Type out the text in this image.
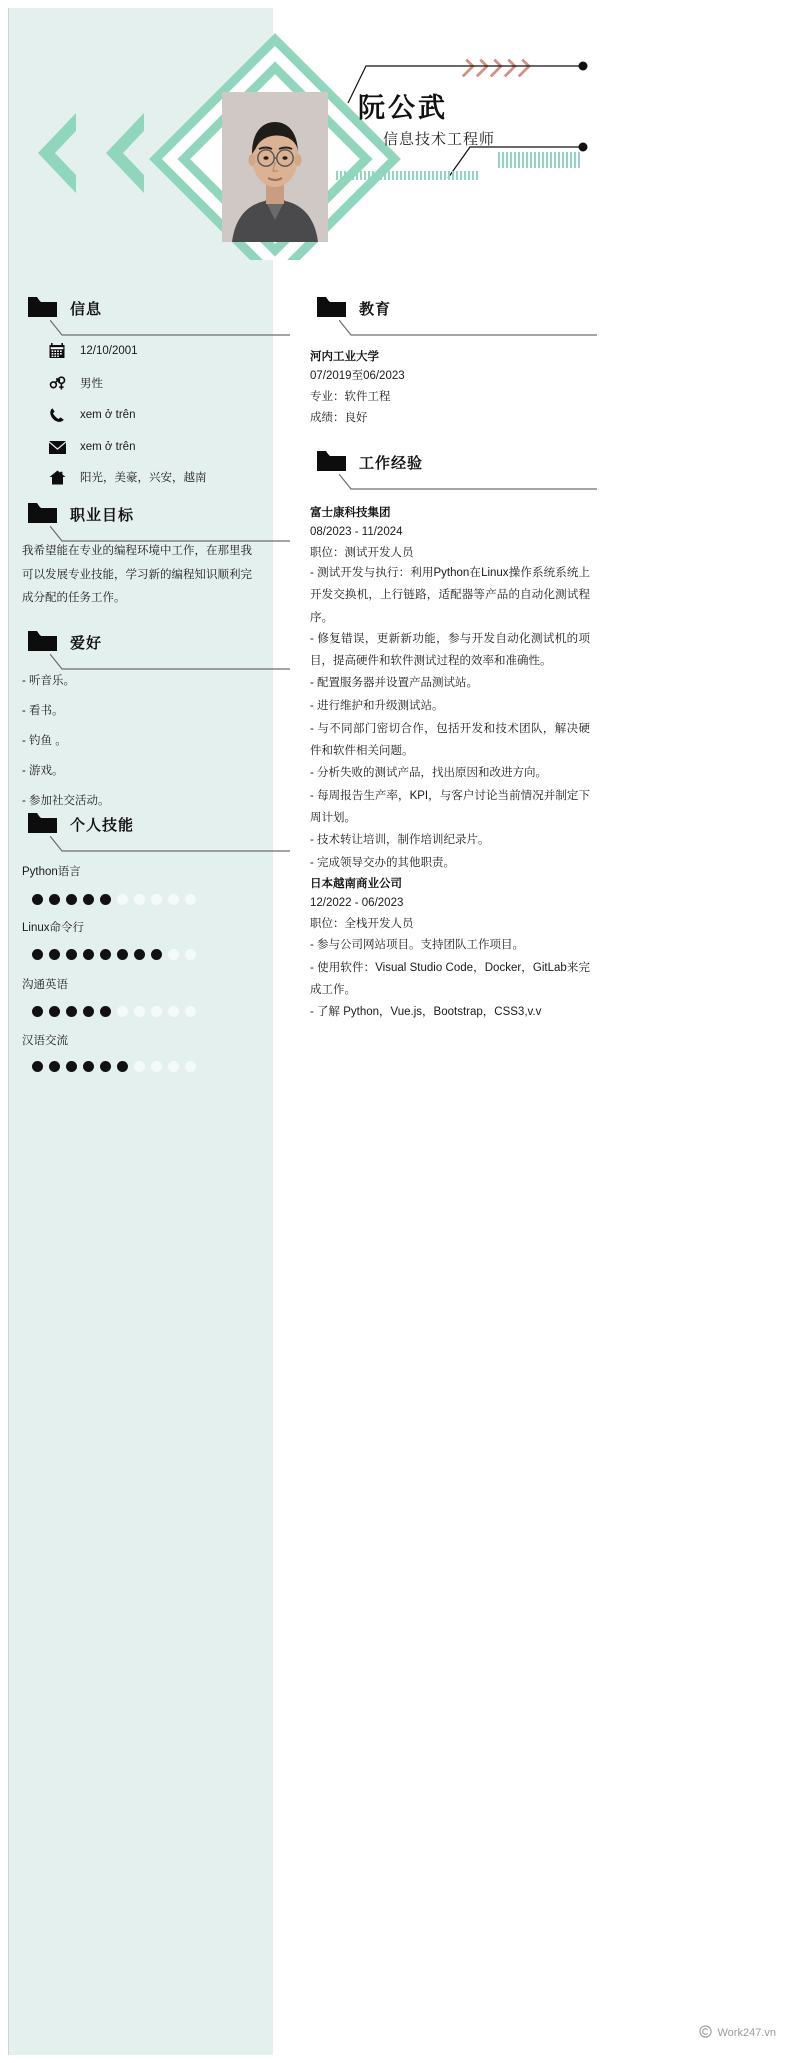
阮公武
信息技术工程师
信息
12/10/2001
男性
xem ở trên
xem ở trên
阳光，美豪，兴安，越南
职业目标
我希望能在专业的编程环境中工作，在那里我可以发展专业技能，学习新的编程知识顺利完成分配的任务工作。
爱好
- 听音乐。
- 看书。
- 钓鱼 。
- 游戏。
- 参加社交活动。
个人技能
Python语言
Linux命令行
沟通英语
汉语交流
教育
河内工业大学
07/2019至06/2023
专业：软件工程
成绩：良好
工作经验
富士康科技集团
08/2023 - 11/2024
职位：测试开发人员
- 测试开发与执行：利用Python在Linux操作系统系统上开发交换机，上行链路，适配器等产品的自动化测试程序。
- 修复错误，更新新功能，参与开发自动化测试机的项目，提高硬件和软件测试过程的效率和准确性。
- 配置服务器并设置产品测试站。
- 进行维护和升级测试站。
- 与不同部门密切合作，包括开发和技术团队，解决硬件和软件相关问题。
- 分析失败的测试产品，找出原因和改进方向。
- 每周报告生产率，KPI，与客户讨论当前情况并制定下周计划。
- 技术转让培训，制作培训纪录片。
- 完成领导交办的其他职责。
日本越南商业公司
12/2022 - 06/2023
职位：全栈开发人员
- 参与公司网站项目。支持团队工作项目。
- 使用软件：Visual Studio Code，Docker，GitLab来完成工作。
- 了解 Python，Vue.js，Bootstrap，CSS3,v.v
Work247.vn
